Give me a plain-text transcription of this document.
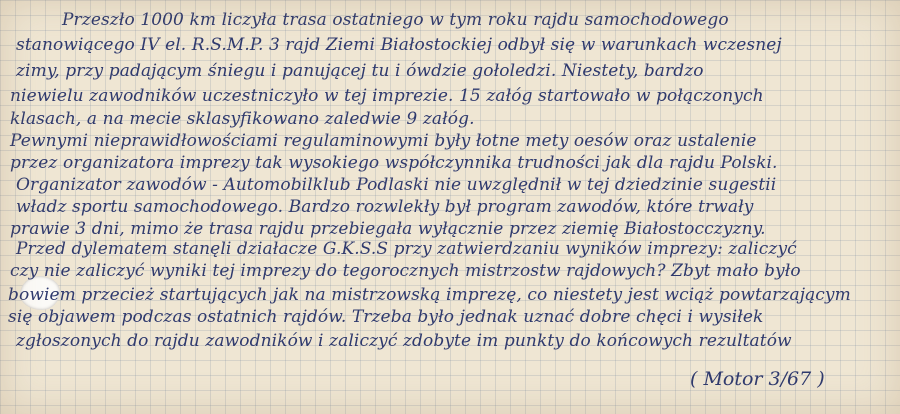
Przeszło 1000 km liczyła trasa ostatniego w tym roku rajdu samochodowego
stanowiącego IV el. R.S.M.P. 3 rajd Ziemi Białostockiej odbył się w warunkach wczesnej
zimy, przy padającym śniegu i panującej tu i ówdzie gołoledzi. Niestety, bardzo
niewielu zawodników uczestniczyło w tej imprezie. 15 załóg startowało w połączonych
klasach, a na mecie sklasyfikowano zaledwie 9 załóg.
Pewnymi nieprawidłowościami regulaminowymi były łotne mety oesów oraz ustalenie
przez organizatora imprezy tak wysokiego współczynnika trudności jak dla rajdu Polski.
Organizator zawodów - Automobilklub Podlaski nie uwzględnił w tej dziedzinie sugestii
władz sportu samochodowego. Bardzo rozwlekły był program zawodów, które trwały
prawie 3 dni, mimo że trasa rajdu przebiegała wyłącznie przez ziemię Białostocczyzny.
Przed dylematem stanęli działacze G.K.S.S przy zatwierdzaniu wyników imprezy: zaliczyć
czy nie zaliczyć wyniki tej imprezy do tegorocznych mistrzostw rajdowych? Zbyt mało było
bowiem przecież startujących jak na mistrzowską imprezę, co niestety jest wciąż powtarzającym
się objawem podczas ostatnich rajdów. Trzeba było jednak uznać dobre chęci i wysiłek
zgłoszonych do rajdu zawodników i zaliczyć zdobyte im punkty do końcowych rezultatów
( Motor 3/67 )
